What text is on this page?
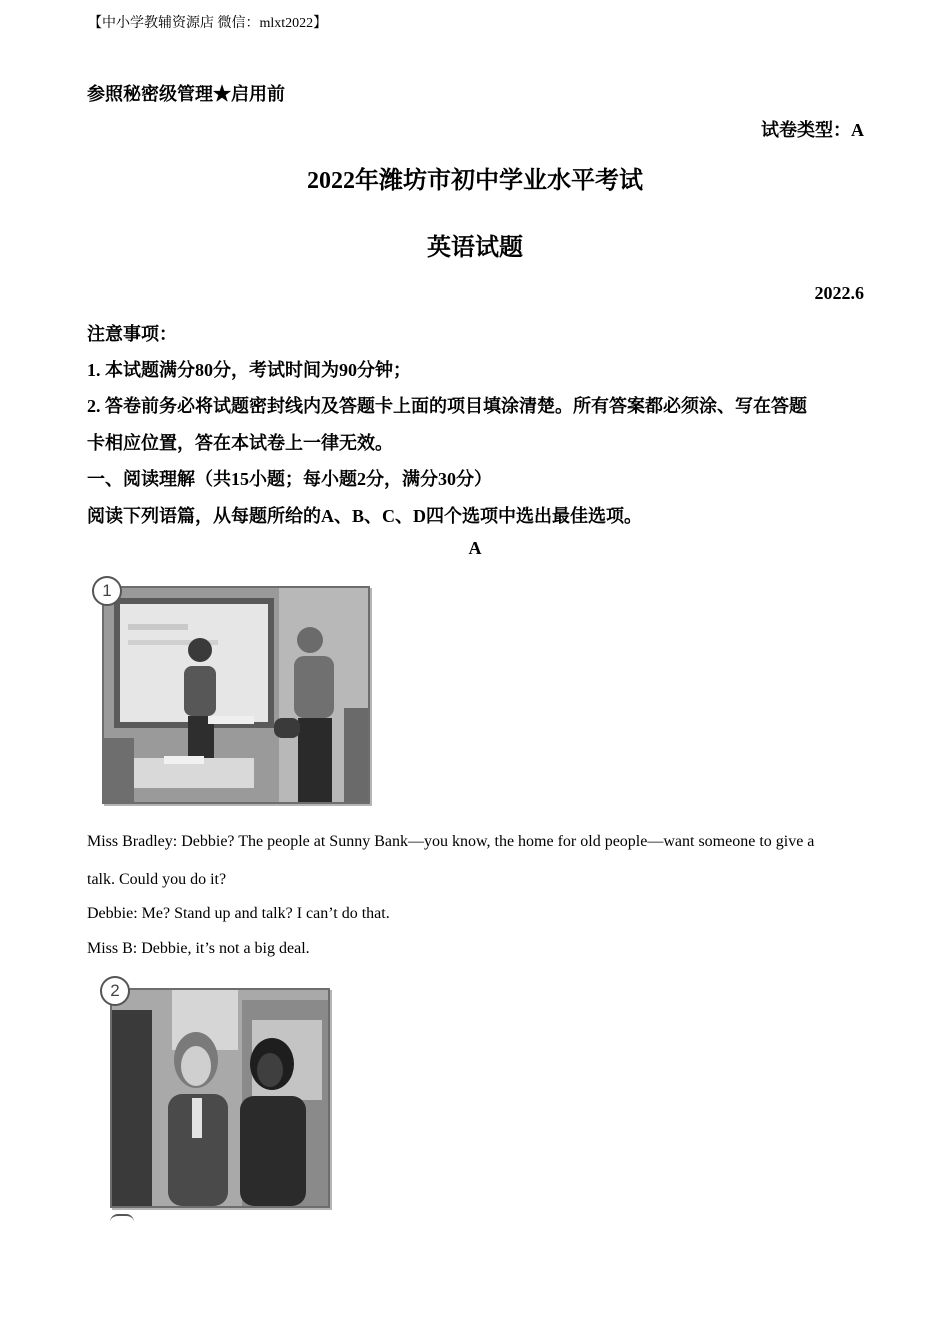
【中小学教辅资源店 微信：mlxt2022】
参照秘密级管理★启用前
试卷类型：A
2022年潍坊市初中学业水平考试
英语试题
2022.6
注意事项：
1. 本试题满分80分，考试时间为90分钟；
2. 答卷前务必将试题密封线内及答题卡上面的项目填涂清楚。所有答案都必须涂、写在答题
卡相应位置，答在本试卷上一律无效。
一、阅读理解（共15小题；每小题2分，满分30分）
阅读下列语篇，从每题所给的A、B、C、D四个选项中选出最佳选项。
A
1
Miss Bradley: Debbie? The people at Sunny Bank—you know, the home for old people—want someone to give a
talk. Could you do it?
Debbie: Me? Stand up and talk? I can’t do that.
Miss B: Debbie, it’s not a big deal.
2
